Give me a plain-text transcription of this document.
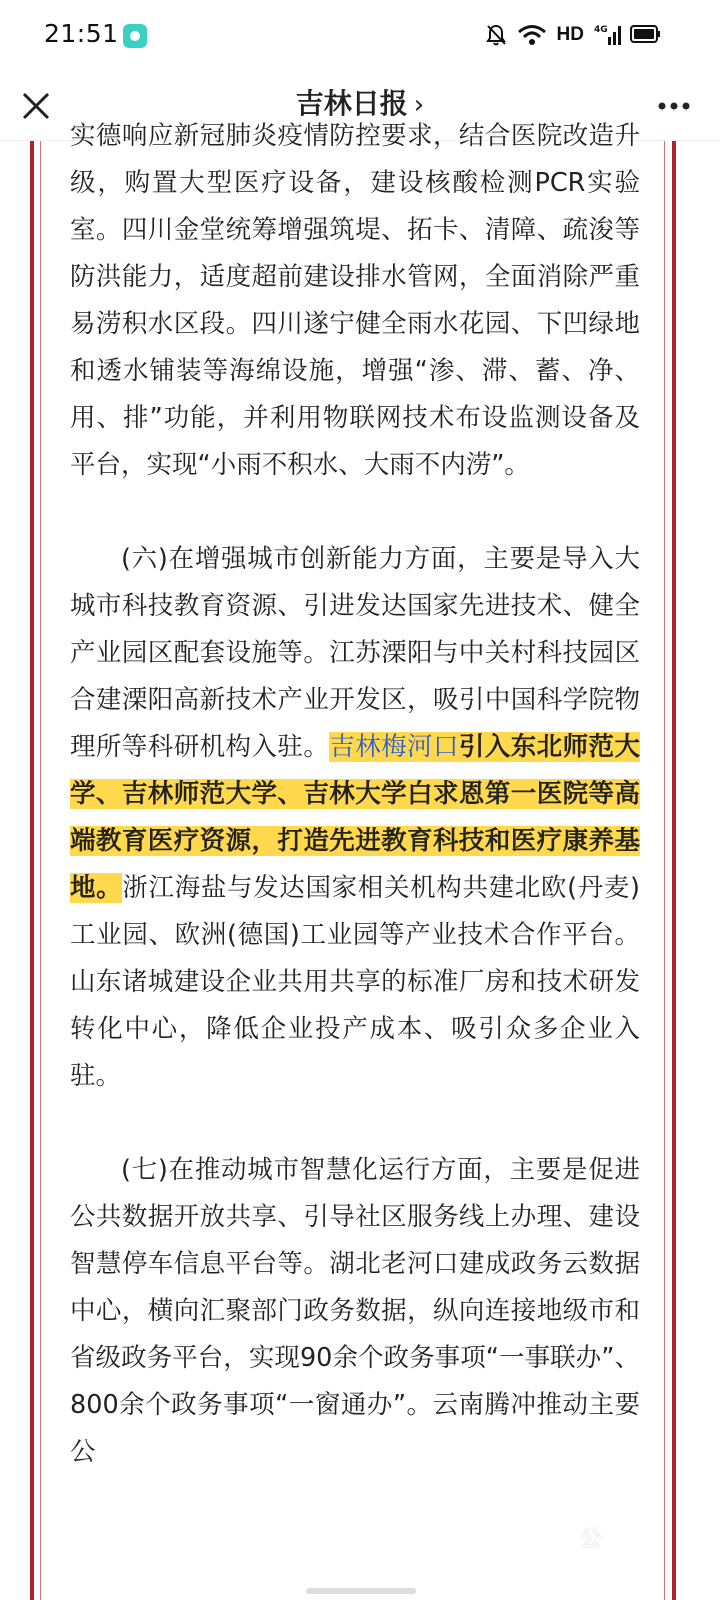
21:51	HD 4G
吉林日报 ›

实德响应新冠肺炎疫情防控要求，结合医院改造升级，购置大型医疗设备，建设核酸检测PCR实验室。四川金堂统筹增强筑堤、拓卡、清障、疏浚等防洪能力，适度超前建设排水管网，全面消除严重易涝积水区段。四川遂宁健全雨水花园、下凹绿地和透水铺装等海绵设施，增强“渗、滞、蓄、净、用、排”功能，并利用物联网技术布设监测设备及平台，实现“小雨不积水、大雨不内涝”。

(六)在增强城市创新能力方面，主要是导入大城市科技教育资源、引进发达国家先进技术、健全产业园区配套设施等。江苏溧阳与中关村科技园区合建溧阳高新技术产业开发区，吸引中国科学院物理所等科研机构入驻。吉林梅河口引入东北师范大学、吉林师范大学、吉林大学白求恩第一医院等高端教育医疗资源，打造先进教育科技和医疗康养基地。浙江海盐与发达国家相关机构共建北欧(丹麦)工业园、欧洲(德国)工业园等产业技术合作平台。山东诸城建设企业共用共享的标准厂房和技术研发转化中心，降低企业投产成本、吸引众多企业入驻。

(七)在推动城市智慧化运行方面，主要是促进公共数据开放共享、引导社区服务线上办理、建设智慧停车信息平台等。湖北老河口建成政务云数据中心，横向汇聚部门政务数据，纵向连接地级市和省级政务平台，实现90余个政务事项“一事联办”、800余个政务事项“一窗通办”。云南腾冲推动主要公

公
